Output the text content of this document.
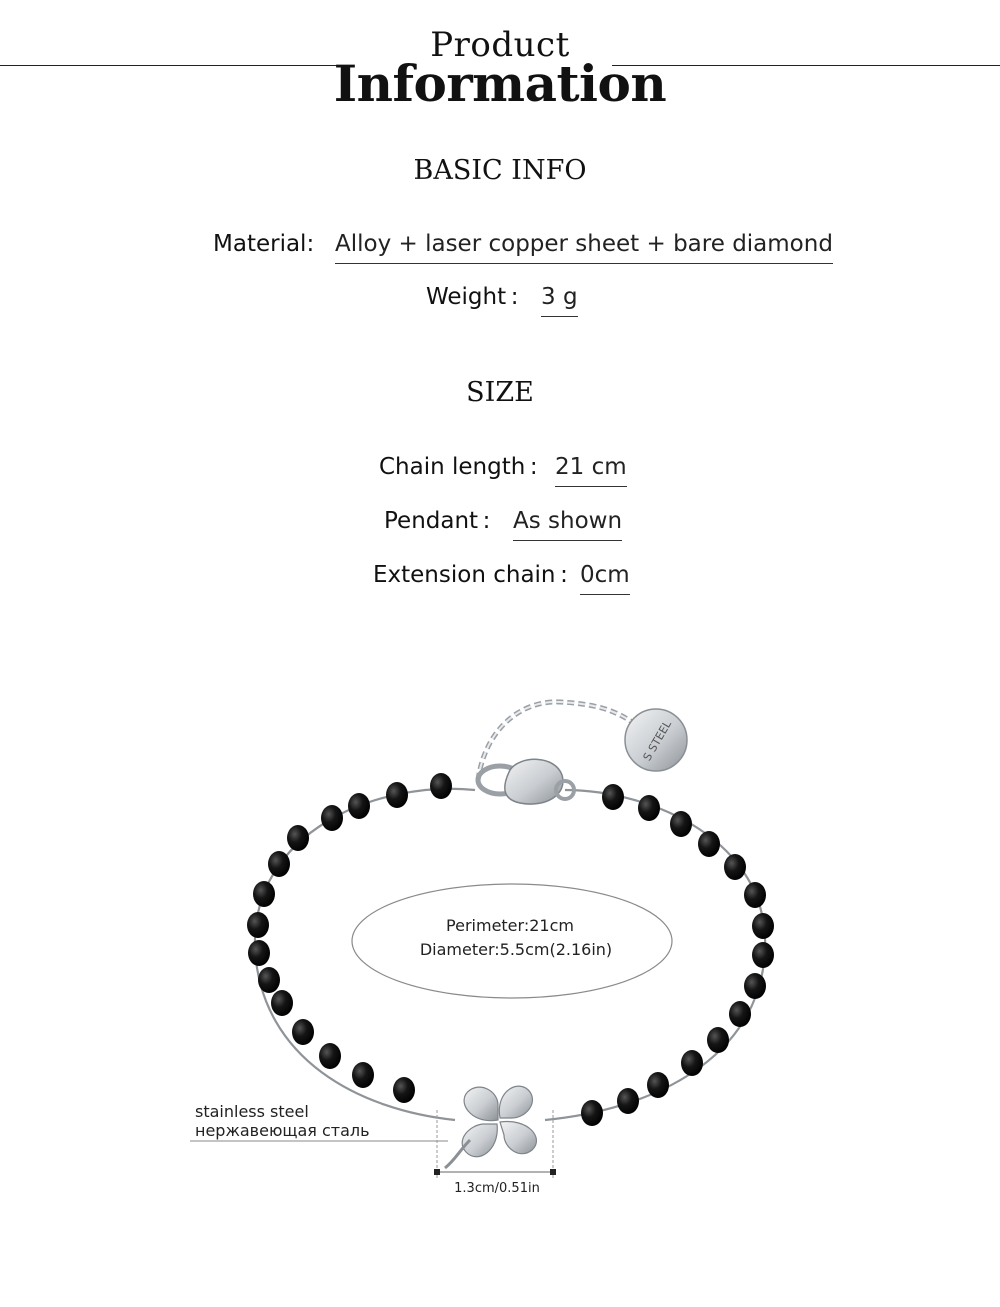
Product
Information
BASIC INFO
Material: Alloy + laser copper sheet + bare diamond
Weight : 3 g
SIZE
Chain length : 21 cm
Pendant : As shown
Extension chain : 0cm
S STEEL
Perimeter:21cm
Diameter:5.5cm(2.16in)
stainless steel
нержавеющая сталь
1.3cm/0.51in
